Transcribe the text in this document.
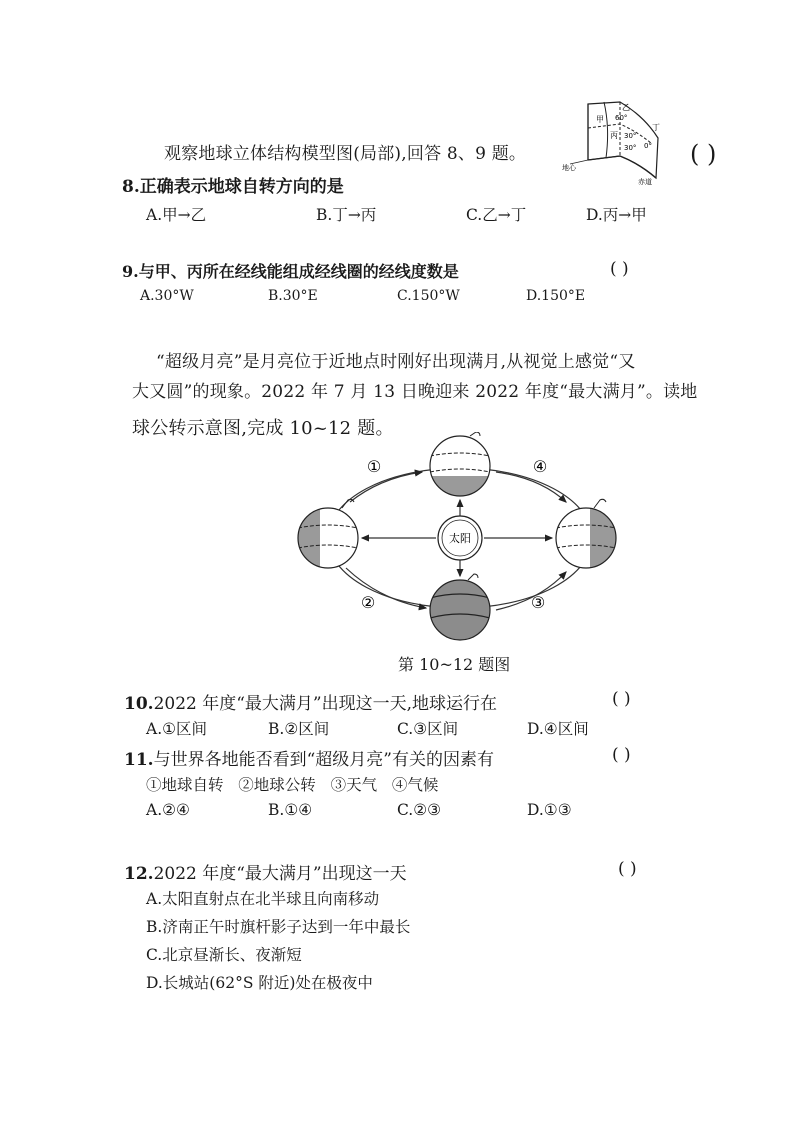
观察地球立体结构模型图(局部),回答 8、9 题。
乙
甲 60°
丁
丙 30°
30° 0°
地心
赤道
( )
8.正确表示地球自转方向的是
A.甲→乙	B.丁→丙	C.乙→丁	D.丙→甲
9.与甲、丙所在经线能组成经线圈的经线度数是	( )
A.30°W	B.30°E	C.150°W	D.150°E
“超级月亮”是月亮位于近地点时刚好出现满月,从视觉上感觉“又
大又圆”的现象。2022 年 7 月 13 日晚迎来 2022 年度“最大满月”。读地
球公转示意图,完成 10~12 题。
太阳
①
②	③
④
第 10~12 题图
10.2022 年度“最大满月”出现这一天,地球运行在	( )
A.①区间	B.②区间	C.③区间	D.④区间
11.与世界各地能否看到“超级月亮”有关的因素有	( )
①地球自转   ②地球公转   ③天气   ④气候
A.②④	B.①④	C.②③	D.①③
12.2022 年度“最大满月”出现这一天	( )
A.太阳直射点在北半球且向南移动
B.济南正午时旗杆影子达到一年中最长
C.北京昼渐长、夜渐短
D.长城站(62°S 附近)处在极夜中
